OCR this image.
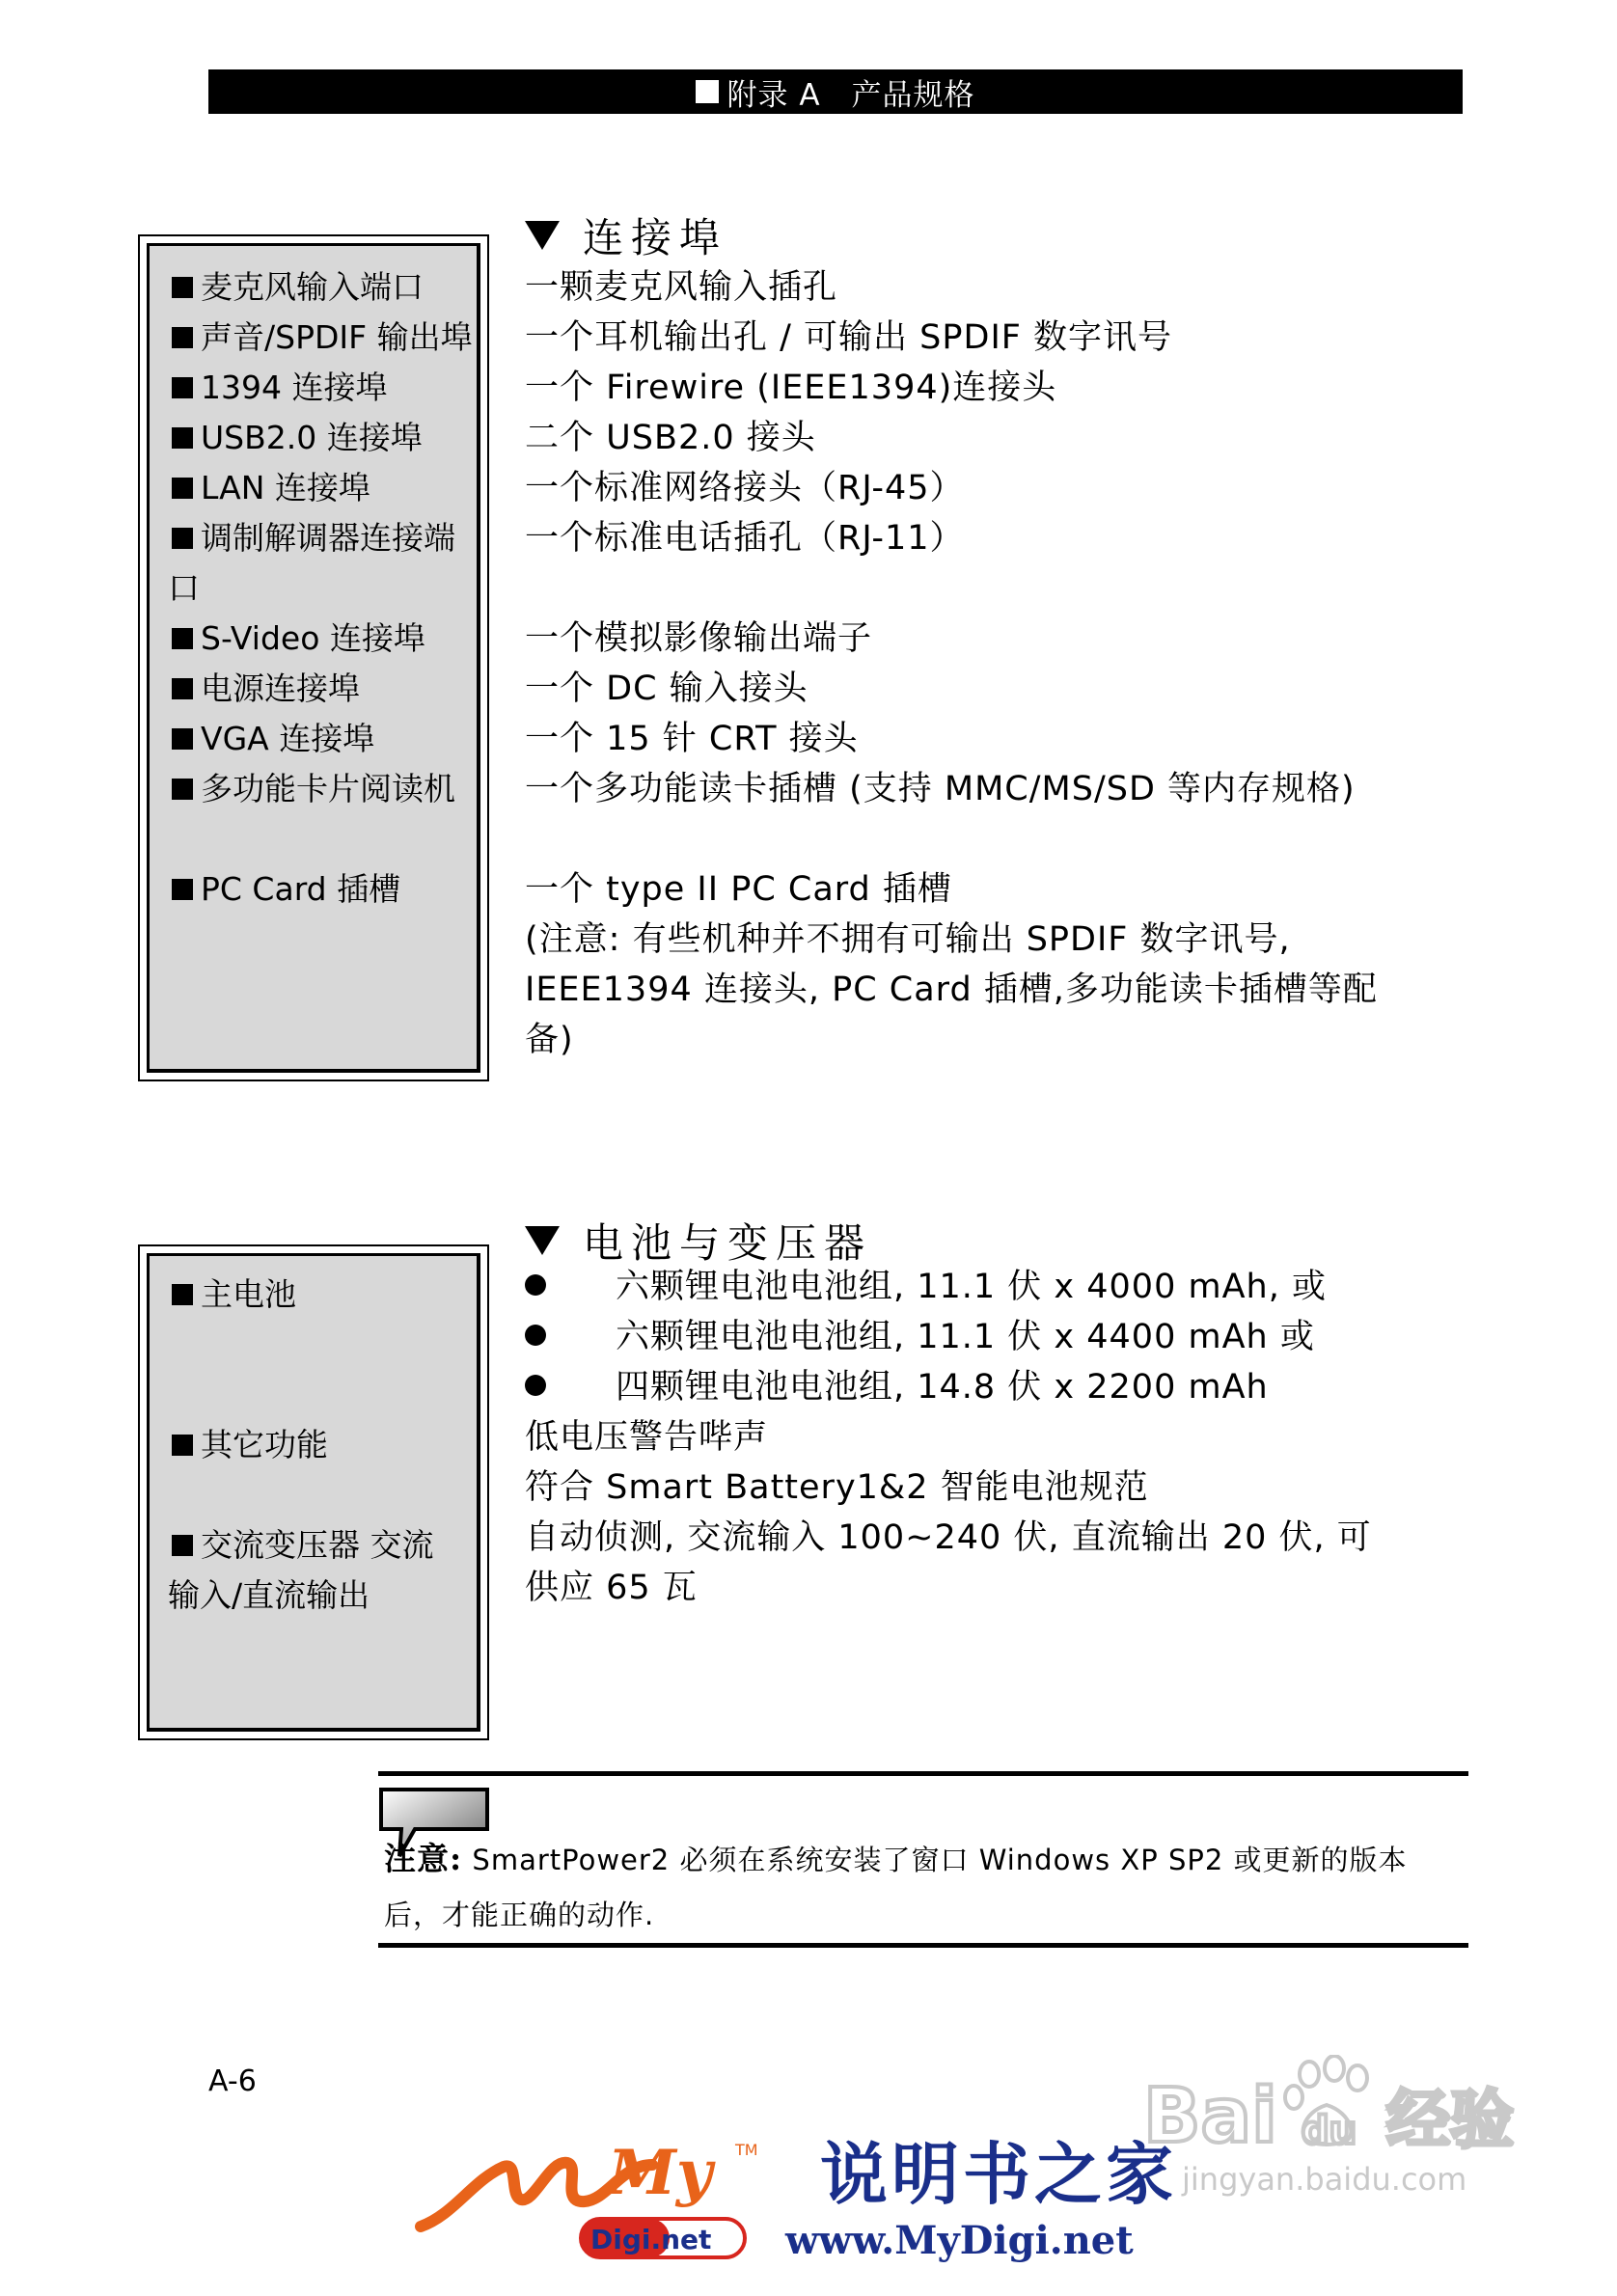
附录 A　产品规格
麦克风输入端口
声音/SPDIF 输出埠
1394 连接埠
USB2.0 连接埠
LAN 连接埠
调制解调器连接端口
S-Video 连接埠
电源连接埠
VGA 连接埠
多功能卡片阅读机
PC Card 插槽
连接埠
一颗麦克风输入插孔
一个耳机输出孔 / 可输出 SPDIF 数字讯号
一个 Firewire (IEEE1394)连接头
二个 USB2.0 接头
一个标准网络接头（RJ-45）
一个标准电话插孔（RJ-11）
一个模拟影像输出端子
一个 DC 输入接头
一个 15 针 CRT 接头
一个多功能读卡插槽 (支持 MMC/MS/SD 等内存规格)
一个 type II PC Card 插槽
(注意: 有些机种并不拥有可输出 SPDIF 数字讯号,
IEEE1394 连接头, PC Card 插槽,多功能读卡插槽等配
备)
主电池
其它功能
交流变压器 交流输入/直流输出
电池与变压器
六颗锂电池电池组, 11.1 伏 x 4000 mAh, 或
六颗锂电池电池组, 11.1 伏 x 4400 mAh 或
四颗锂电池电池组, 14.8 伏 x 2200 mAh
低电压警告哔声
符合 Smart Battery1&2 智能电池规范
自动侦测, 交流输入 100~240 伏, 直流输出 20 伏, 可
供应 65 瓦
注意: SmartPower2 必须在系统安装了窗口 Windows XP SP2 或更新的版本
后，才能正确的动作.
A-6
My TM
Digi.net
说明书之家
www.MyDigi.net
Bai du 经验
jingyan.baidu.com
